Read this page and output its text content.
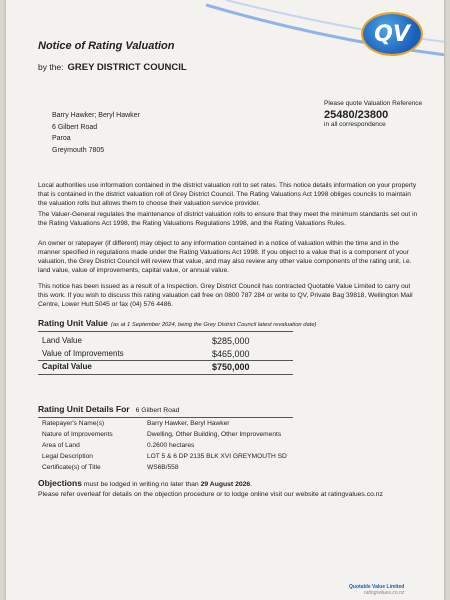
QV
Notice of Rating Valuation
by the: GREY DISTRICT COUNCIL
Barry Hawker; Beryl Hawker
6 Gilbert Road
Paroa
Greymouth 7805
Please quote Valuation Reference
25480/23800
in all correspondence
Local authorities use information contained in the district valuation roll to set rates. This notice details information on your property that is contained in the district valuation roll of Grey District Council. The Rating Valuations Act 1998 obliges councils to maintain the valuation rolls but allows them to choose their valuation service provider.
The Valuer-General regulates the maintenance of district valuation rolls to ensure that they meet the minimum standards set out in the Rating Valuations Act 1998, the Rating Valuations Regulations 1998, and the Rating Valuations Rules.
An owner or ratepayer (if different) may object to any information contained in a notice of valuation within the time and in the manner specified in regulations made under the Rating Valuations Act 1998. If you object to a value that is a component of your valuation, the Grey District Council will review that value, and may also review any other value components of the rating unit, i.e. land value, value of improvements, capital value, or annual value.
This notice has been issued as a result of a Inspection. Grey District Council has contracted Quotable Value Limited to carry out this work. If you wish to discuss this rating valuation call free on 0800 787 284 or write to QV, Private Bag 39818, Wellington Mail Centre, Lower Hutt 5045 or fax (04) 576 4486.
Rating Unit Value (as at 1 September 2024, being the Grey District Council latest revaluation date)
Land Value	$285,000
Value of Improvements	$465,000
Capital Value	$750,000
Rating Unit Details For 6 Gilbert Road
Ratepayer's Name(s)	Barry Hawker, Beryl Hawker
Nature of Improvements	Dwelling, Other Building, Other Improvements
Area of Land	0.2600 hectares
Legal Description	LOT 5 & 6 DP 2135 BLK XVI GREYMOUTH SD
Certificate(s) of Title	WS6B/558
Objections must be lodged in writing no later than 29 August 2026.
Please refer overleaf for details on the objection procedure or to lodge online visit our website at ratingvalues.co.nz
Quotable Value Limited
ratingvalues.co.nz
